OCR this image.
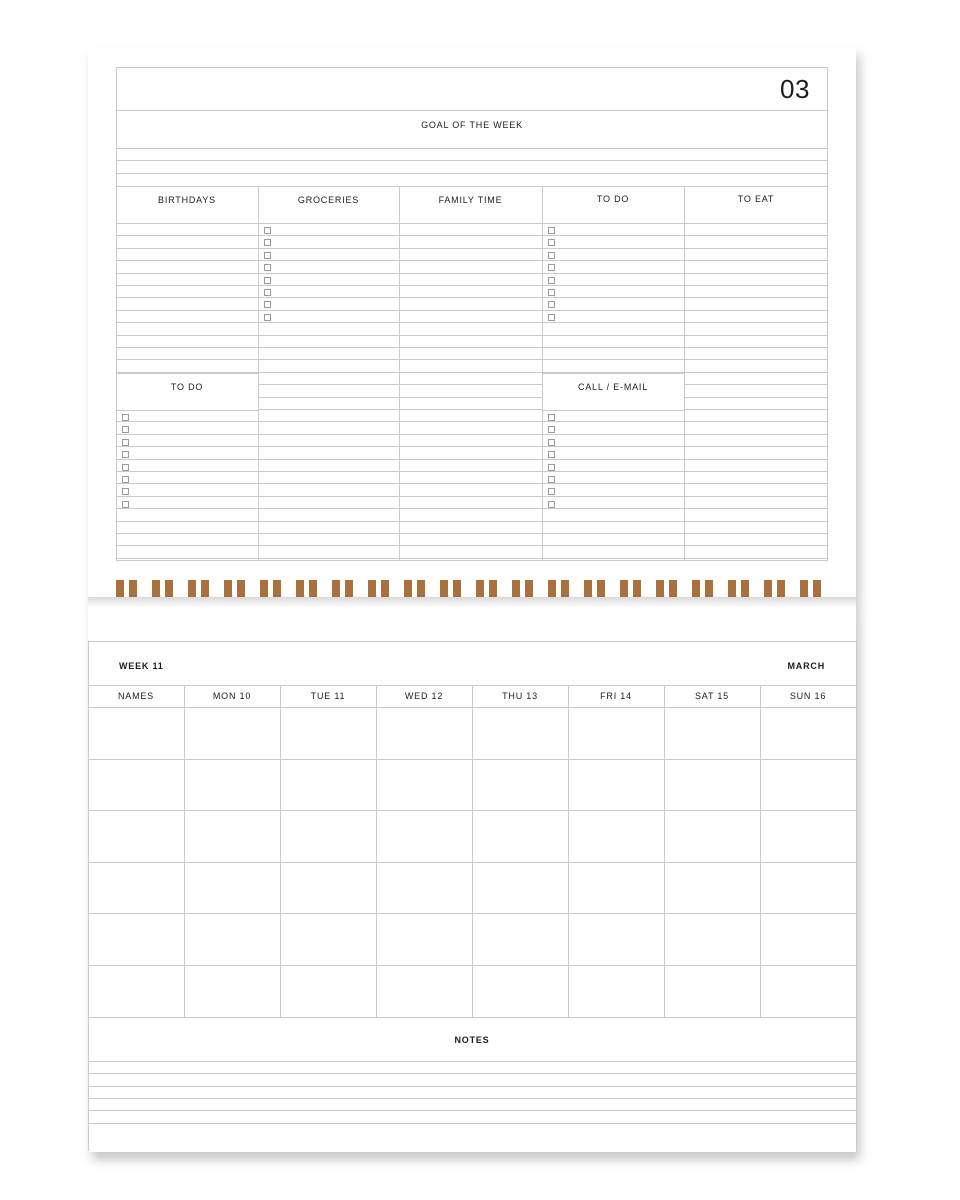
03
GOAL OF THE WEEK
BIRTHDAYS	GROCERIES	FAMILY TIME	TO DO	TO EAT
TO DO	CALL / E-MAIL
WEEK 11	MARCH
NAMES	MON 10	TUE 11	WED 12	THU 13	FRI 14	SAT 15	SUN 16
NOTES
